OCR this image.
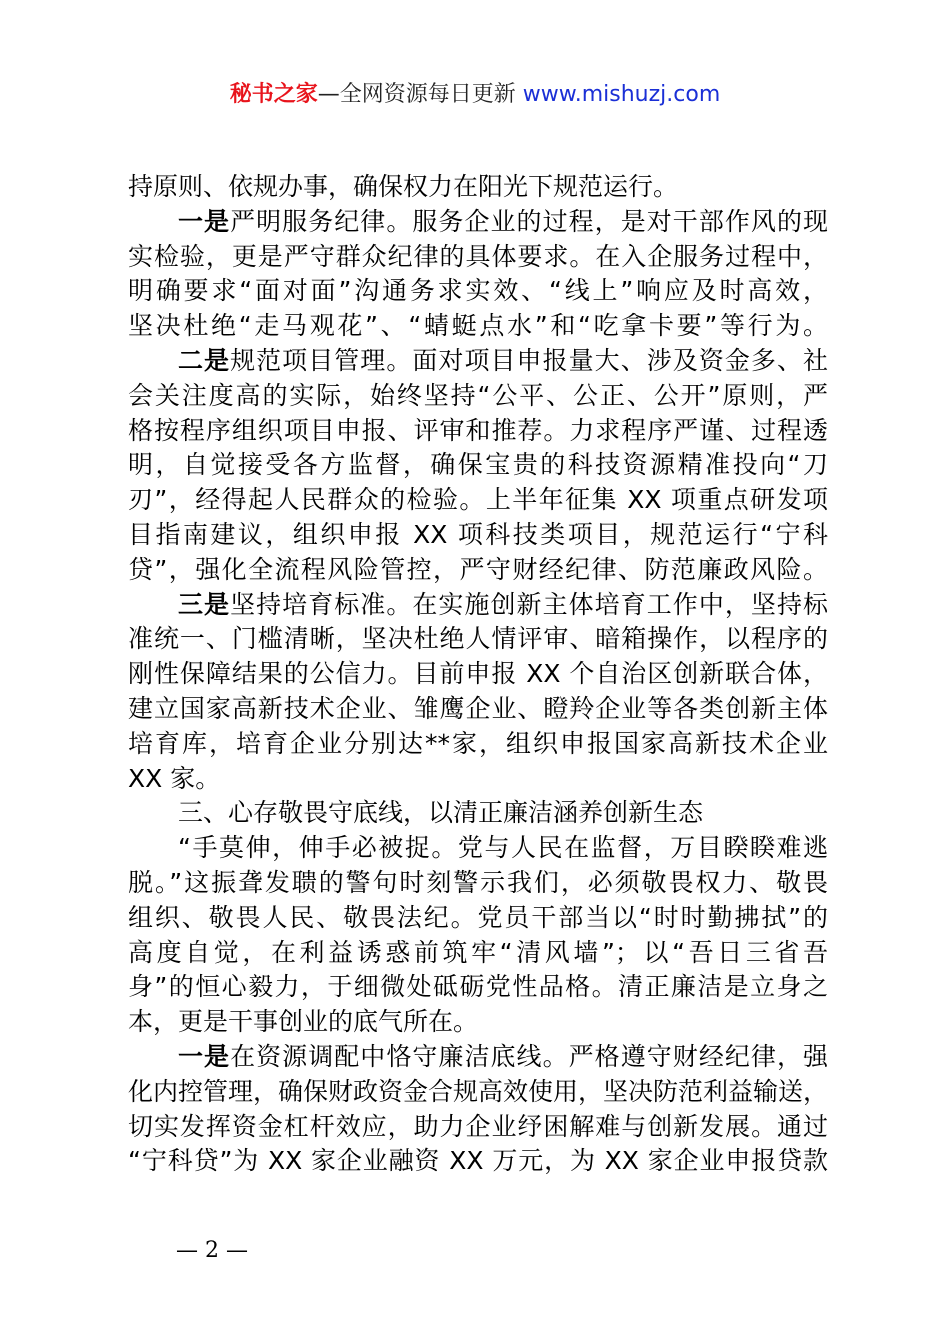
秘书之家—全网资源每日更新 www.mishuzj.com
持原则、依规办事，确保权力在阳光下规范运行。
一是严明服务纪律。服务企业的过程，是对干部作风的现
实检验，更是严守群众纪律的具体要求。在入企服务过程中，
明确要求“面对面”沟通务求实效、“线上”响应及时高效，
坚决杜绝“走马观花”、“蜻蜓点水”和“吃拿卡要”等行为。
二是规范项目管理。面对项目申报量大、涉及资金多、社
会关注度高的实际，始终坚持“公平、公正、公开”原则，严
格按程序组织项目申报、评审和推荐。力求程序严谨、过程透
明，自觉接受各方监督，确保宝贵的科技资源精准投向“刀
刃”，经得起人民群众的检验。上半年征集 XX 项重点研发项
目指南建议，组织申报 XX 项科技类项目，规范运行“宁科
贷”，强化全流程风险管控，严守财经纪律、防范廉政风险。
三是坚持培育标准。在实施创新主体培育工作中，坚持标
准统一、门槛清晰，坚决杜绝人情评审、暗箱操作，以程序的
刚性保障结果的公信力。目前申报 XX 个自治区创新联合体，
建立国家高新技术企业、雏鹰企业、瞪羚企业等各类创新主体
培育库，培育企业分别达**家，组织申报国家高新技术企业
XX 家。
三、心存敬畏守底线，以清正廉洁涵养创新生态
“手莫伸，伸手必被捉。党与人民在监督，万目睽睽难逃
脱。”这振聋发聩的警句时刻警示我们，必须敬畏权力、敬畏
组织、敬畏人民、敬畏法纪。党员干部当以“时时勤拂拭”的
高度自觉，在利益诱惑前筑牢“清风墙”；以“吾日三省吾
身”的恒心毅力，于细微处砥砺党性品格。清正廉洁是立身之
本，更是干事创业的底气所在。
一是在资源调配中恪守廉洁底线。严格遵守财经纪律，强
化内控管理，确保财政资金合规高效使用，坚决防范利益输送，
切实发挥资金杠杆效应，助力企业纾困解难与创新发展。通过
“宁科贷”为 XX 家企业融资 XX 万元，为 XX 家企业申报贷款
— 2 —
